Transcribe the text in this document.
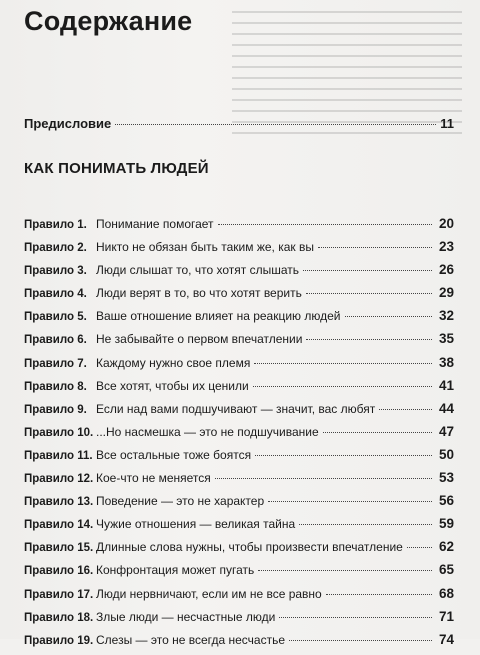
Содержание
Предисловие	11
КАК ПОНИМАТЬ ЛЮДЕЙ
Правило 1. Понимание помогает	20
Правило 2. Никто не обязан быть таким же, как вы	23
Правило 3. Люди слышат то, что хотят слышать	26
Правило 4. Люди верят в то, во что хотят верить	29
Правило 5. Ваше отношение влияет на реакцию людей	32
Правило 6. Не забывайте о первом впечатлении	35
Правило 7. Каждому нужно свое племя	38
Правило 8. Все хотят, чтобы их ценили	41
Правило 9. Если над вами подшучивают — значит, вас любят	44
Правило 10. ...Но насмешка — это не подшучивание	47
Правило 11. Все остальные тоже боятся	50
Правило 12. Кое-что не меняется	53
Правило 13. Поведение — это не характер	56
Правило 14. Чужие отношения — великая тайна	59
Правило 15. Длинные слова нужны, чтобы произвести впечатление	62
Правило 16. Конфронтация может пугать	65
Правило 17. Люди нервничают, если им не все равно	68
Правило 18. Злые люди — несчастные люди	71
Правило 19. Слезы — это не всегда несчастье	74
